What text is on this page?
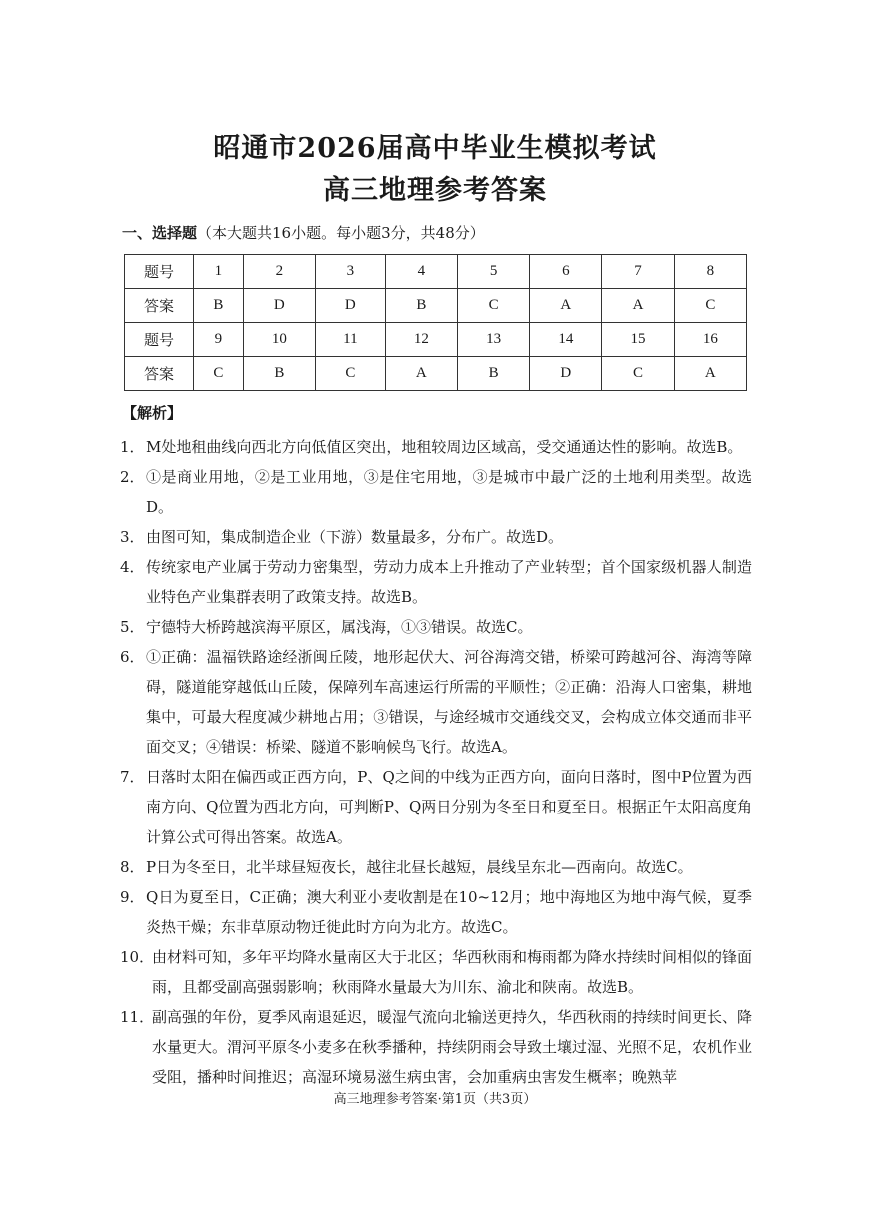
昭通市2026届高中毕业生模拟考试
高三地理参考答案
一、选择题（本大题共16小题。每小题3分，共48分）
题号	1	2	3	4	5	6	7	8
答案	B	D	D	B	C	A	A	C
题号	9	10	11	12	13	14	15	16
答案	C	B	C	A	B	D	C	A
【解析】
1． M处地租曲线向西北方向低值区突出，地租较周边区域高，受交通通达性的影响。故选B。
2． ①是商业用地，②是工业用地，③是住宅用地，③是城市中最广泛的土地利用类型。故选D。
3． 由图可知，集成制造企业（下游）数量最多，分布广。故选D。
4． 传统家电产业属于劳动力密集型，劳动力成本上升推动了产业转型；首个国家级机器人制造业特色产业集群表明了政策支持。故选B。
5． 宁德特大桥跨越滨海平原区，属浅海，①③错误。故选C。
6． ①正确：温福铁路途经浙闽丘陵，地形起伏大、河谷海湾交错，桥梁可跨越河谷、海湾等障碍，隧道能穿越低山丘陵，保障列车高速运行所需的平顺性；②正确：沿海人口密集，耕地集中，可最大程度减少耕地占用；③错误，与途经城市交通线交叉，会构成立体交通而非平面交叉；④错误：桥梁、隧道不影响候鸟飞行。故选A。
7． 日落时太阳在偏西或正西方向，P、Q之间的中线为正西方向，面向日落时，图中P位置为西南方向、Q位置为西北方向，可判断P、Q两日分别为冬至日和夏至日。根据正午太阳高度角计算公式可得出答案。故选A。
8． P日为冬至日，北半球昼短夜长，越往北昼长越短，晨线呈东北—西南向。故选C。
9． Q日为夏至日，C正确；澳大利亚小麦收割是在10~12月；地中海地区为地中海气候，夏季炎热干燥；东非草原动物迁徙此时方向为北方。故选C。
10．
由材料可知，多年平均降水量南区大于北区；华西秋雨和梅雨都为降水持续时间相似的锋面雨，且都受副高强弱影响；秋雨降水量最大为川东、渝北和陕南。故选B。
11．
副高强的年份，夏季风南退延迟，暖湿气流向北输送更持久，华西秋雨的持续时间更长、降水量更大。渭河平原冬小麦多在秋季播种，持续阴雨会导致土壤过湿、光照不足，农机作业受阻，播种时间推迟；高湿环境易滋生病虫害，会加重病虫害发生概率；晚熟苹
高三地理参考答案·第1页（共3页）
